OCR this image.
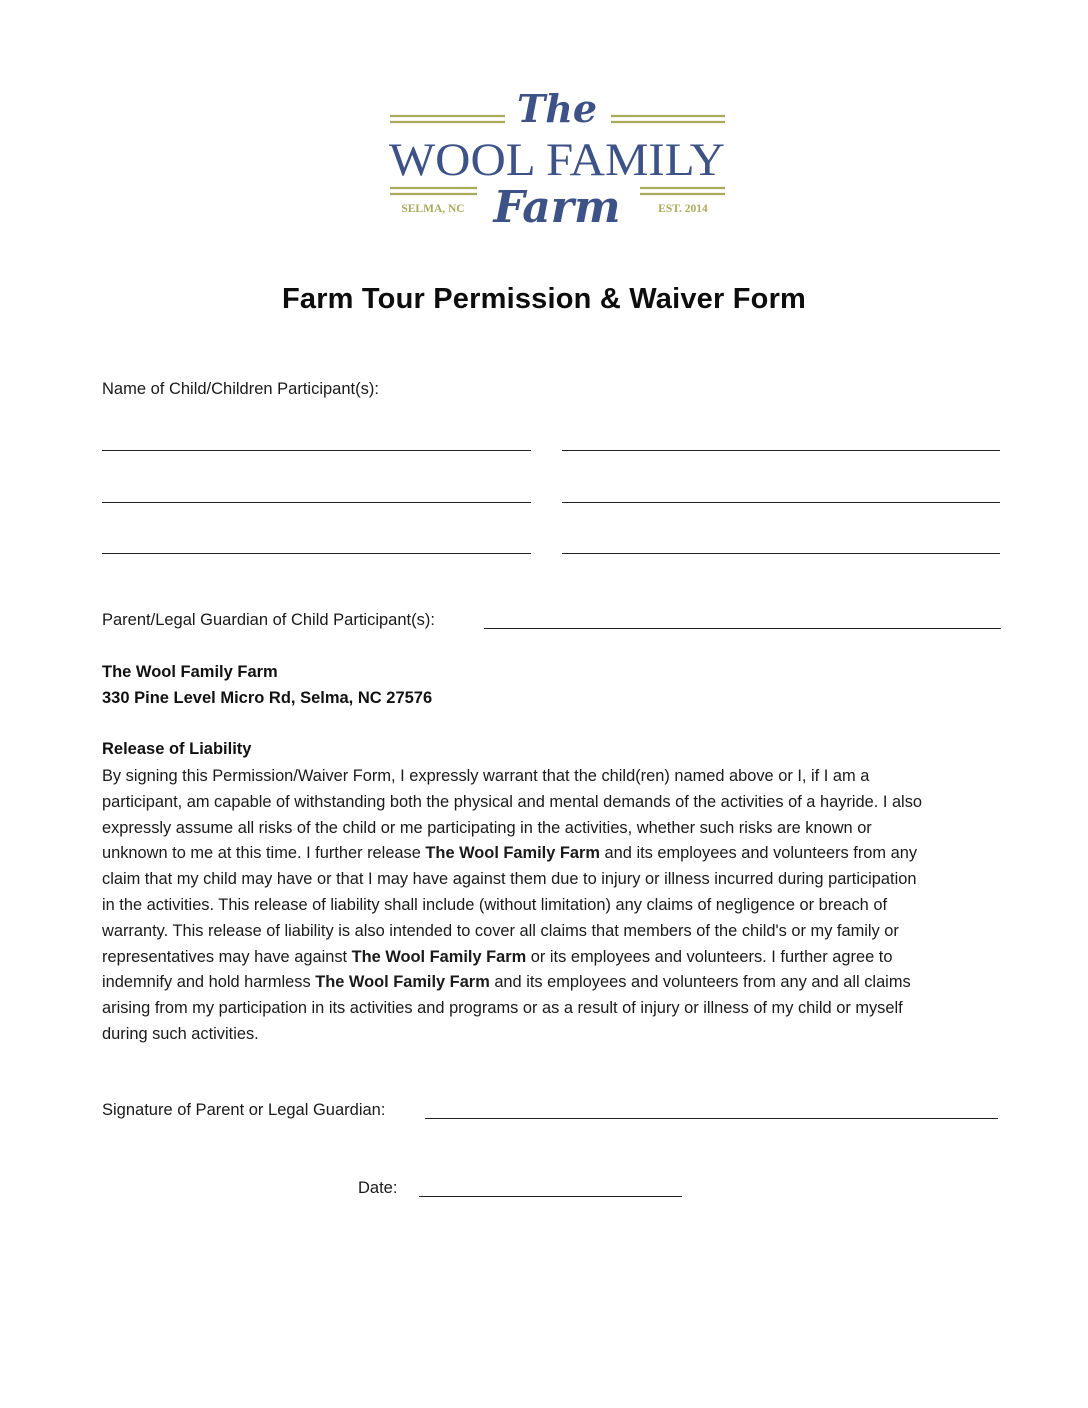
The
WOOL FAMILY
Farm
SELMA, NC	EST. 2014
Farm Tour Permission & Waiver Form
Name of Child/Children Participant(s):
Parent/Legal Guardian of Child Participant(s):
The Wool Family Farm
330 Pine Level Micro Rd, Selma, NC 27576
Release of Liability
By signing this Permission/Waiver Form, I expressly warrant that the child(ren) named above or I, if I am a
participant, am capable of withstanding both the physical and mental demands of the activities of a hayride. I also
expressly assume all risks of the child or me participating in the activities, whether such risks are known or
unknown to me at this time. I further release The Wool Family Farm and its employees and volunteers from any
claim that my child may have or that I may have against them due to injury or illness incurred during participation
in the activities. This release of liability shall include (without limitation) any claims of negligence or breach of
warranty. This release of liability is also intended to cover all claims that members of the child's or my family or
representatives may have against The Wool Family Farm or its employees and volunteers. I further agree to
indemnify and hold harmless The Wool Family Farm and its employees and volunteers from any and all claims
arising from my participation in its activities and programs or as a result of injury or illness of my child or myself
during such activities.
Signature of Parent or Legal Guardian:
Date:
